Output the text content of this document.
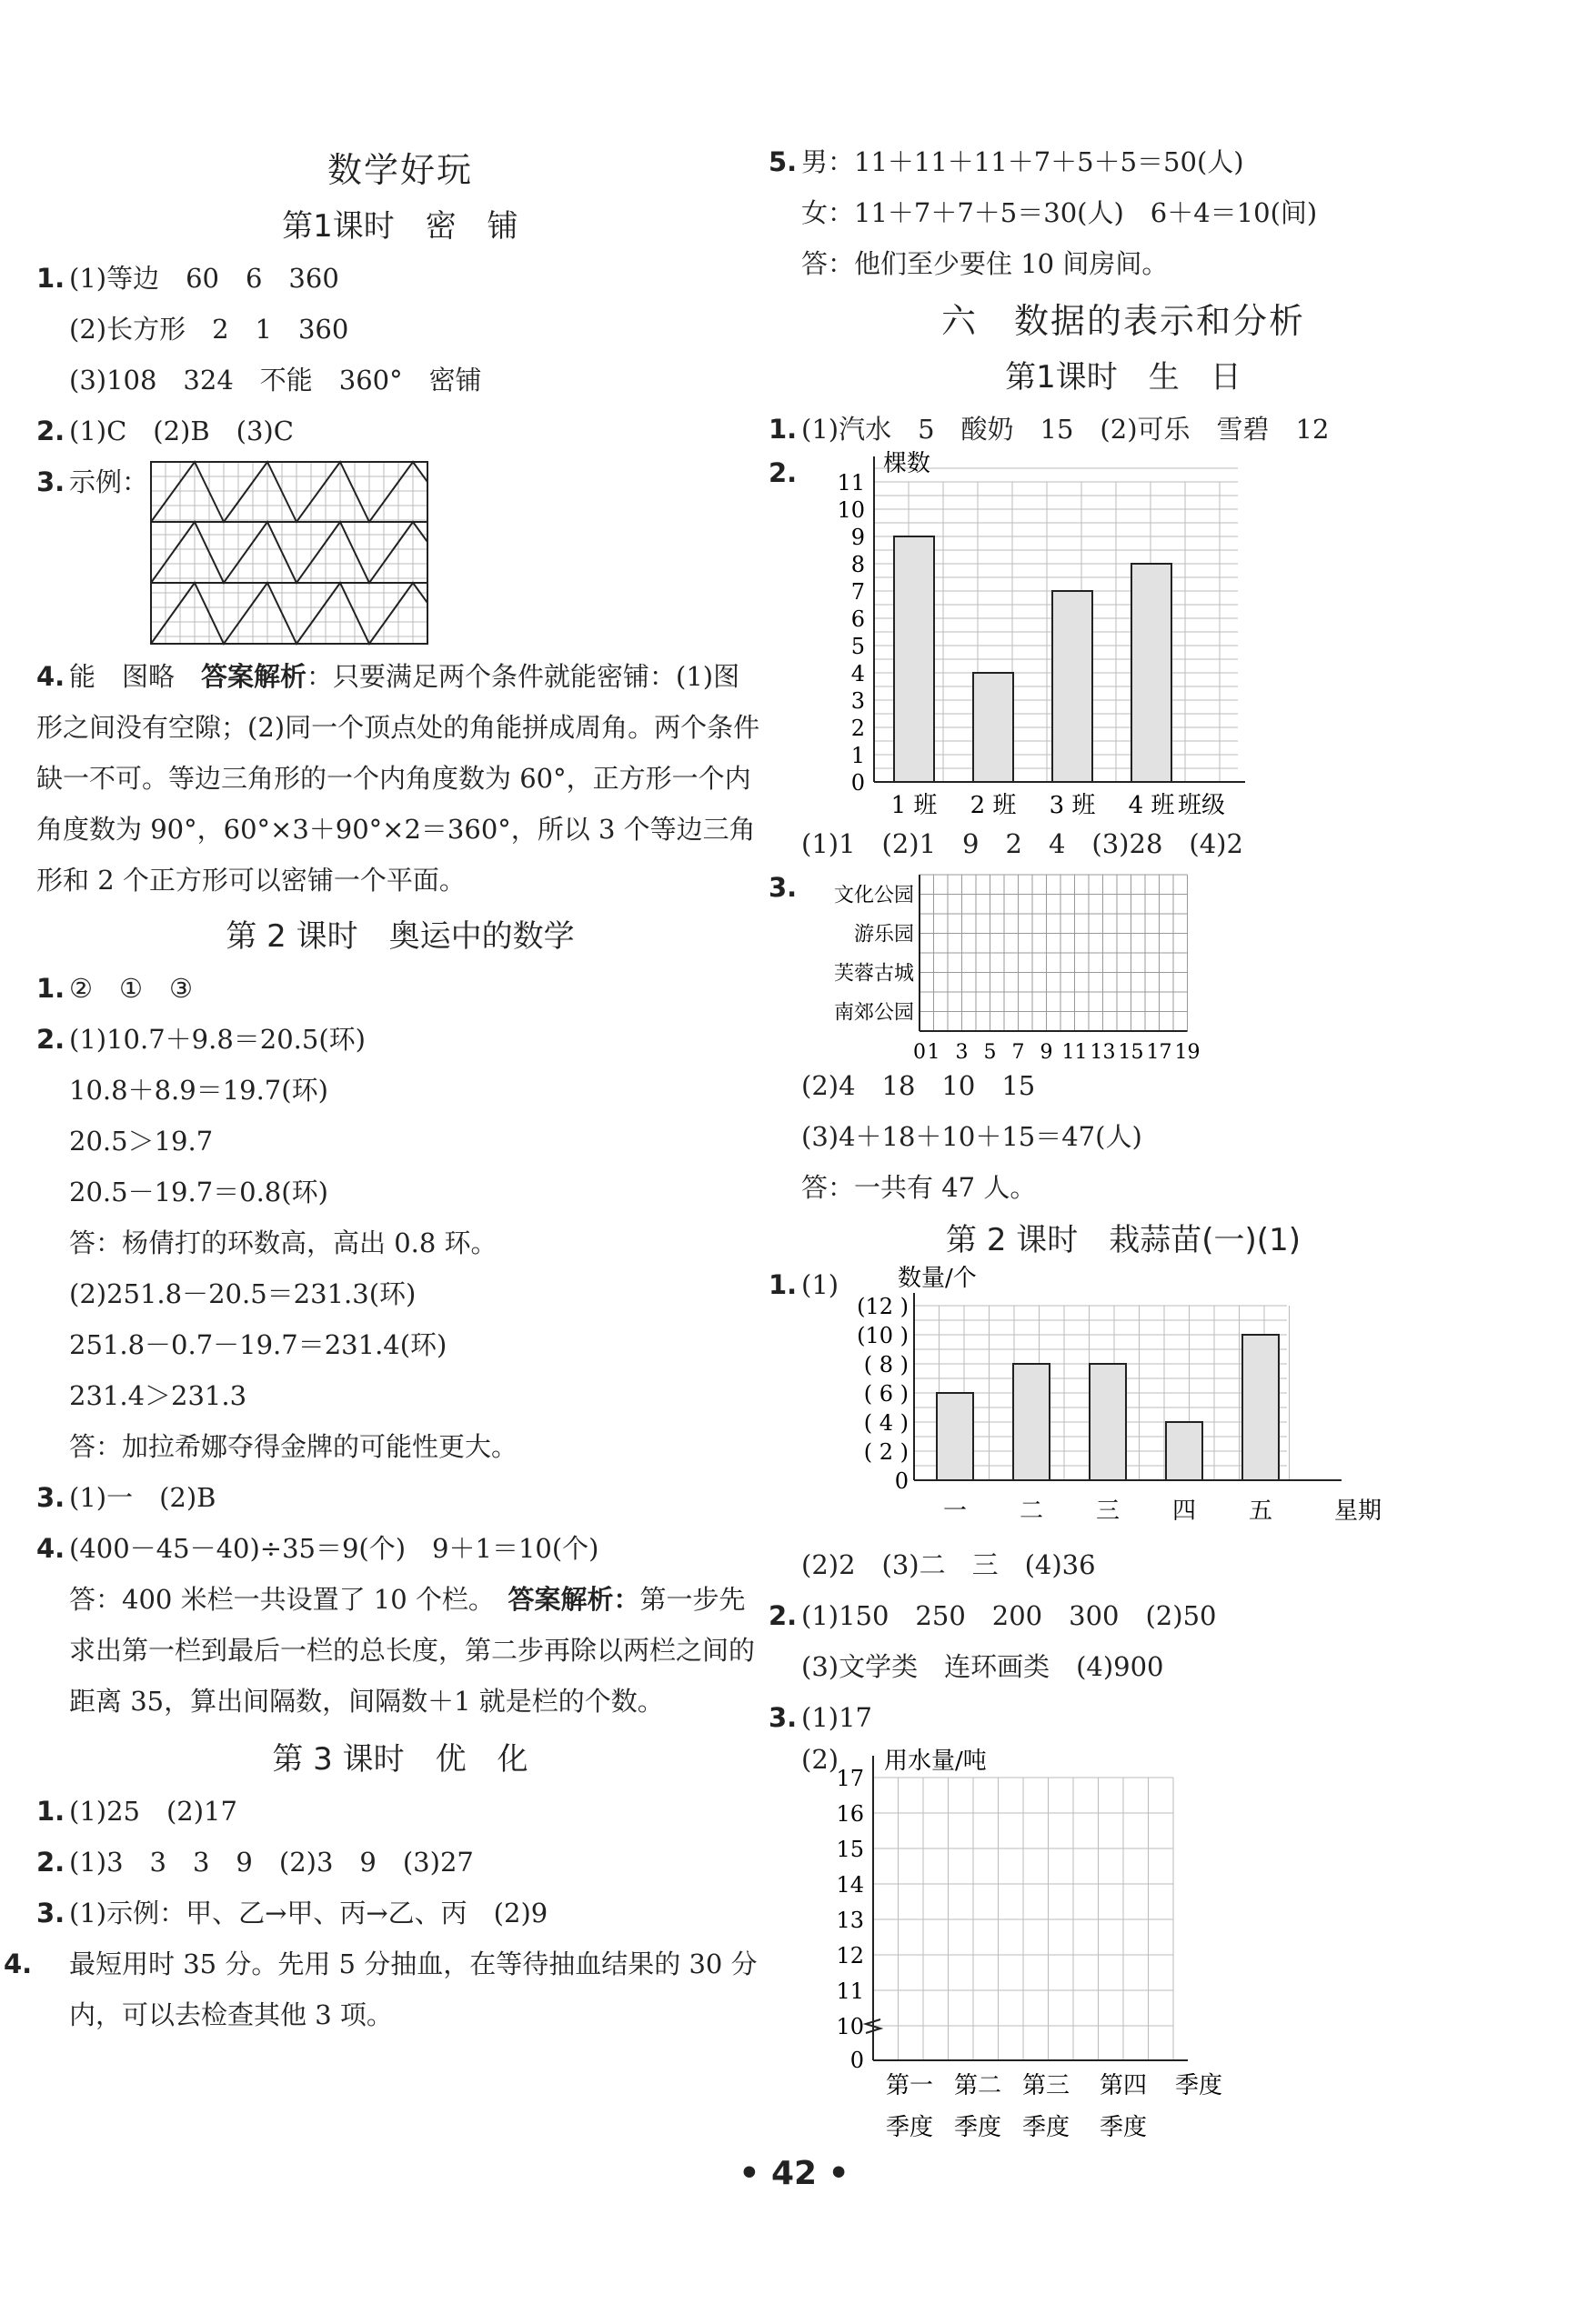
数学好玩
第1课时　密　铺
1. (1)等边　60　6　360
(2)长方形　2　1　360
(3)108　324　不能　360°　密铺
2. (1)C　(2)B　(3)C
3. 示例：
4. 能　图略　答案解析：只要满足两个条件就能密铺：(1)图形之间没有空隙；(2)同一个顶点处的角能拼成周角。两个条件缺一不可。等边三角形的一个内角度数为 60°，正方形一个内角度数为 90°，60°×3＋90°×2＝360°，所以 3 个等边三角形和 2 个正方形可以密铺一个平面。
第 2 课时　奥运中的数学
1. ②　①　③
2. (1)10.7＋9.8＝20.5(环)
10.8＋8.9＝19.7(环)
20.5＞19.7
20.5－19.7＝0.8(环)
答：杨倩打的环数高，高出 0.8 环。
(2)251.8－20.5＝231.3(环)
251.8－0.7－19.7＝231.4(环)
231.4＞231.3
答：加拉希娜夺得金牌的可能性更大。
3. (1)一　(2)B
4. (400－45－40)÷35＝9(个)　9＋1＝10(个)
答：400 米栏一共设置了 10 个栏。　 答案解析：第一步先求出第一栏到最后一栏的总长度，第二步再除以两栏之间的距离 35，算出间隔数，间隔数＋1 就是栏的个数。
第 3 课时　优　化
1. (1)25　(2)17
2. (1)3　3　3　9　(2)3　9　(3)27
3. (1)示例：甲、乙→甲、丙→乙、丙　(2)9
4. 最短用时 35 分。先用 5 分抽血，在等待抽血结果的 30 分内，可以去检查其他 3 项。
5. 男：11＋11＋11＋7＋5＋5＝50(人)
女：11＋7＋7＋5＝30(人)　6＋4＝10(间)
答：他们至少要住 10 间房间。
六　数据的表示和分析
第1课时　生　日
1. (1)汽水　5　酸奶　15　(2)可乐　雪碧　12
2.	棵数
0
1
2
3
4
5
6
7
8
9
10
11
1 班 2 班 3 班 4 班 班级
(1)1　(2)1　9　2　4　(3)28　(4)2
3. 文化公园
游乐园
芙蓉古城
南郊公园
0 1 3 5 7 9 11 13 15 17 19
(2)4　18　10　15
(3)4＋18＋10＋15＝47(人)
答：一共有 47 人。
第 2 课时　栽蒜苗(一)(1)
1. (1) 数量/个
0
( 2 )
( 4 )
( 6 )
( 8 )
(10 )
(12 )
一 二 三 四 五	星期
(2)2　(3)二　三　(4)36
2. (1)150　250　200　300　(2)50
(3)文学类　连环画类　(4)900
3. (1)17
(2) 用水量/吨
0
10
11
12
13
14
15
16
17
第一
季度
第二
季度
第三
季度
第四
季度
季度
• 42 •
